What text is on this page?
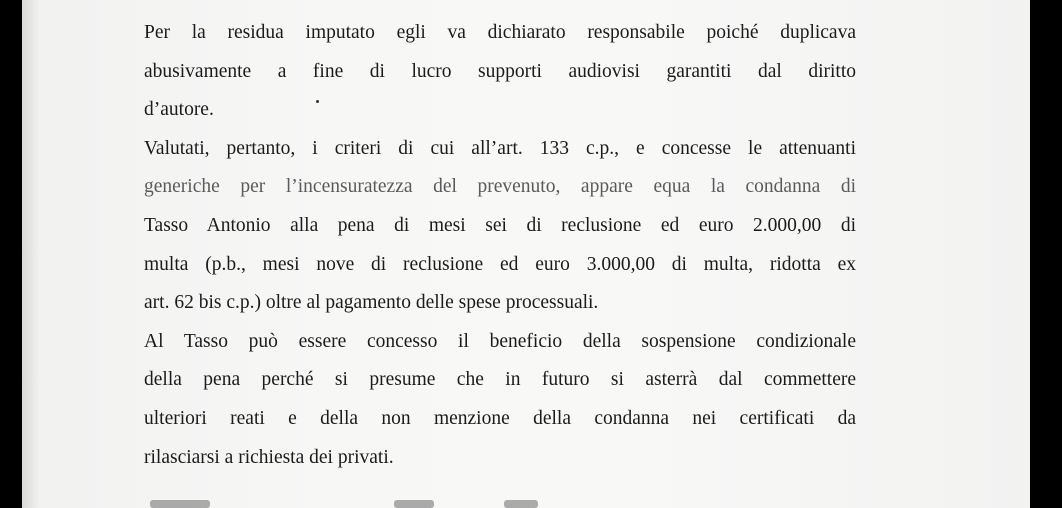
Per la residua imputato egli va dichiarato responsabile poiché duplicava
abusivamente a fine di lucro supporti audiovisi garantiti dal diritto
d’autore.
Valutati, pertanto, i criteri di cui all’art. 133 c.p., e concesse le attenuanti
generiche per l’incensuratezza del prevenuto, appare equa la condanna di
Tasso Antonio alla pena di mesi sei di reclusione ed euro 2.000,00 di
multa (p.b., mesi nove di reclusione ed euro 3.000,00 di multa, ridotta ex
art. 62 bis c.p.) oltre al pagamento delle spese processuali.
Al Tasso può essere concesso il beneficio della sospensione condizionale
della pena perché si presume che in futuro si asterrà dal commettere
ulteriori reati e della non menzione della condanna nei certificati da
rilasciarsi a richiesta dei privati.
